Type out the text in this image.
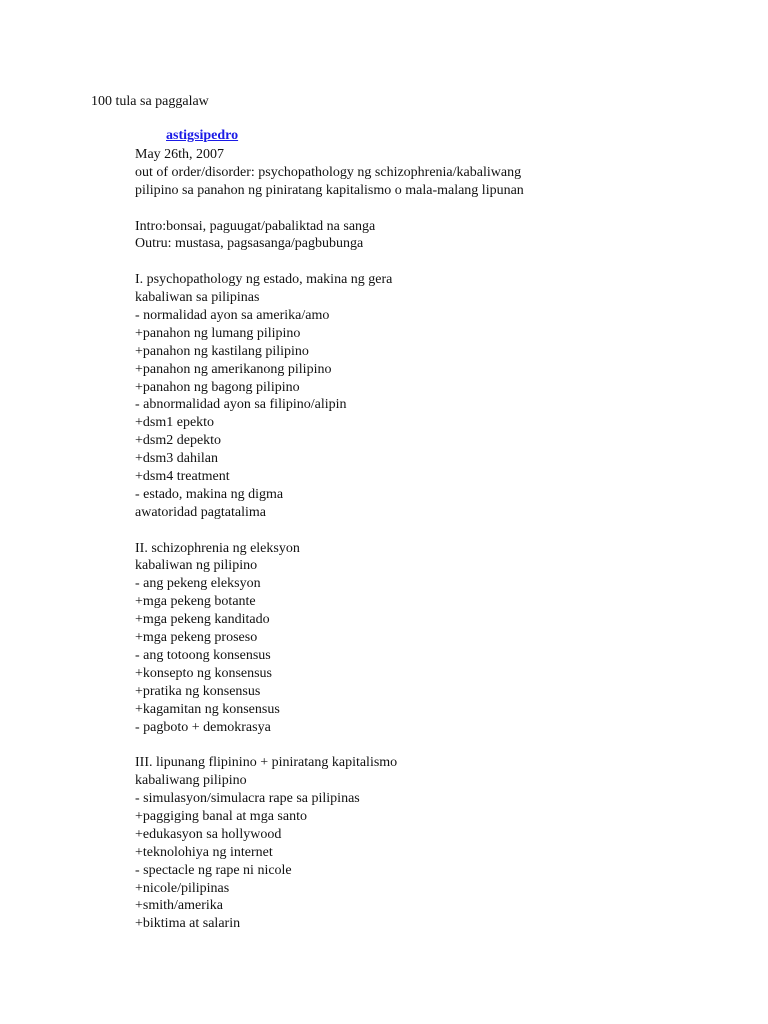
100 tula sa paggalaw
astigsipedro
May 26th, 2007
out of order/disorder: psychopathology ng schizophrenia/kabaliwang
pilipino sa panahon ng piniratang kapitalismo o mala-malang lipunan
Intro:bonsai, paguugat/pabaliktad na sanga
Outru: mustasa, pagsasanga/pagbubunga
I. psychopathology ng estado, makina ng gera
kabaliwan sa pilipinas
- normalidad ayon sa amerika/amo
+panahon ng lumang pilipino
+panahon ng kastilang pilipino
+panahon ng amerikanong pilipino
+panahon ng bagong pilipino
- abnormalidad ayon sa filipino/alipin
+dsm1 epekto
+dsm2 depekto
+dsm3 dahilan
+dsm4 treatment
- estado, makina ng digma
awatoridad pagtatalima
II. schizophrenia ng eleksyon
kabaliwan ng pilipino
- ang pekeng eleksyon
+mga pekeng botante
+mga pekeng kanditado
+mga pekeng proseso
- ang totoong konsensus
+konsepto ng konsensus
+pratika ng konsensus
+kagamitan ng konsensus
- pagboto + demokrasya
III. lipunang flipinino + piniratang kapitalismo
kabaliwang pilipino
- simulasyon/simulacra rape sa pilipinas
+paggiging banal at mga santo
+edukasyon sa hollywood
+teknolohiya ng internet
- spectacle ng rape ni nicole
+nicole/pilipinas
+smith/amerika
+biktima at salarin
